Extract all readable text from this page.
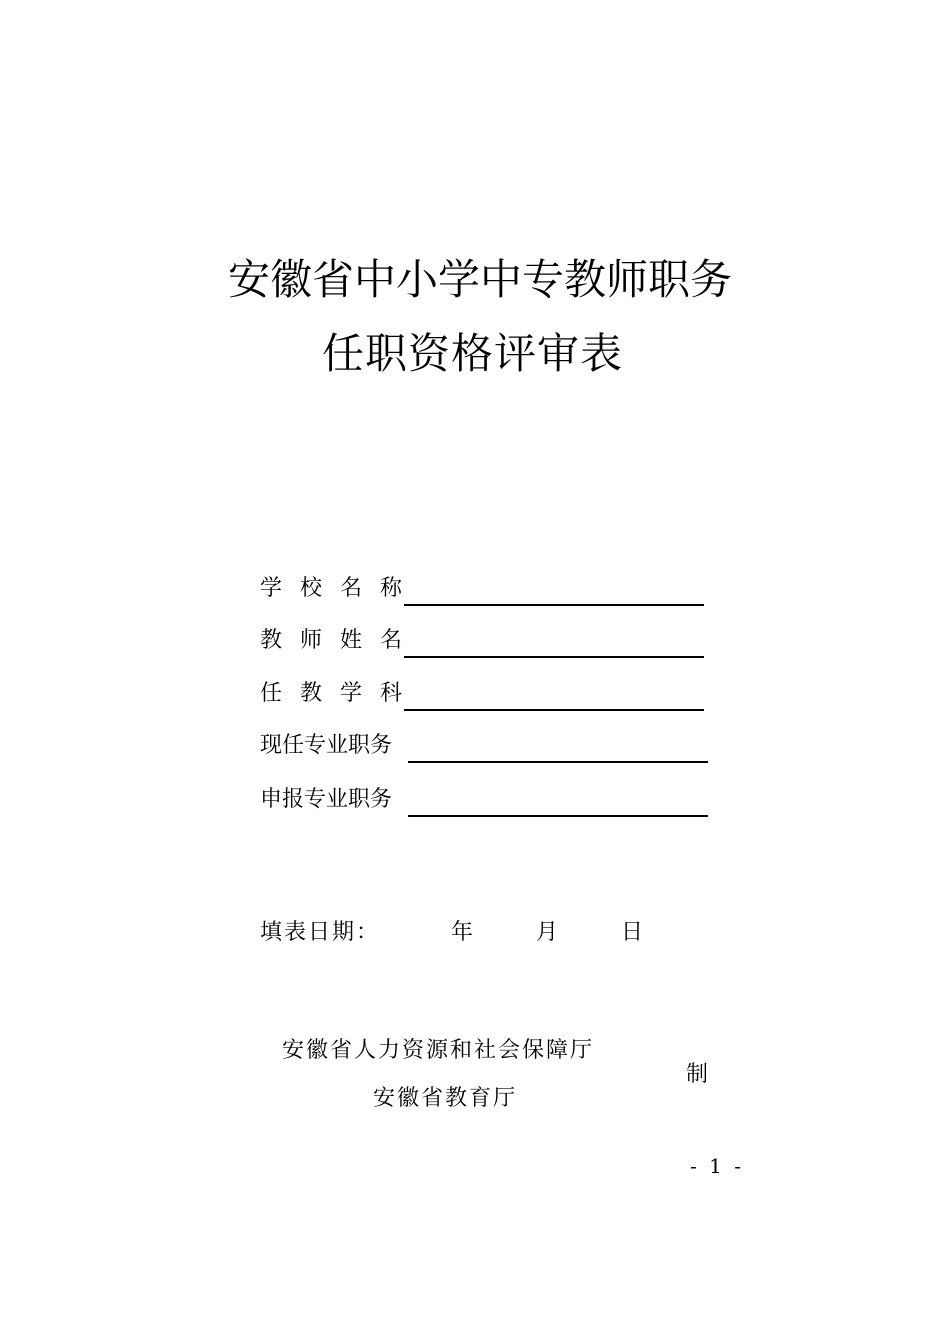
安徽省中小学中专教师职务
任职资格评审表
学校名称
教师姓名
任教学科
现任专业职务
申报专业职务
填表日期：	年	月	日
安徽省人力资源和社会保障厅
安徽省教育厅
制
- 1 -
